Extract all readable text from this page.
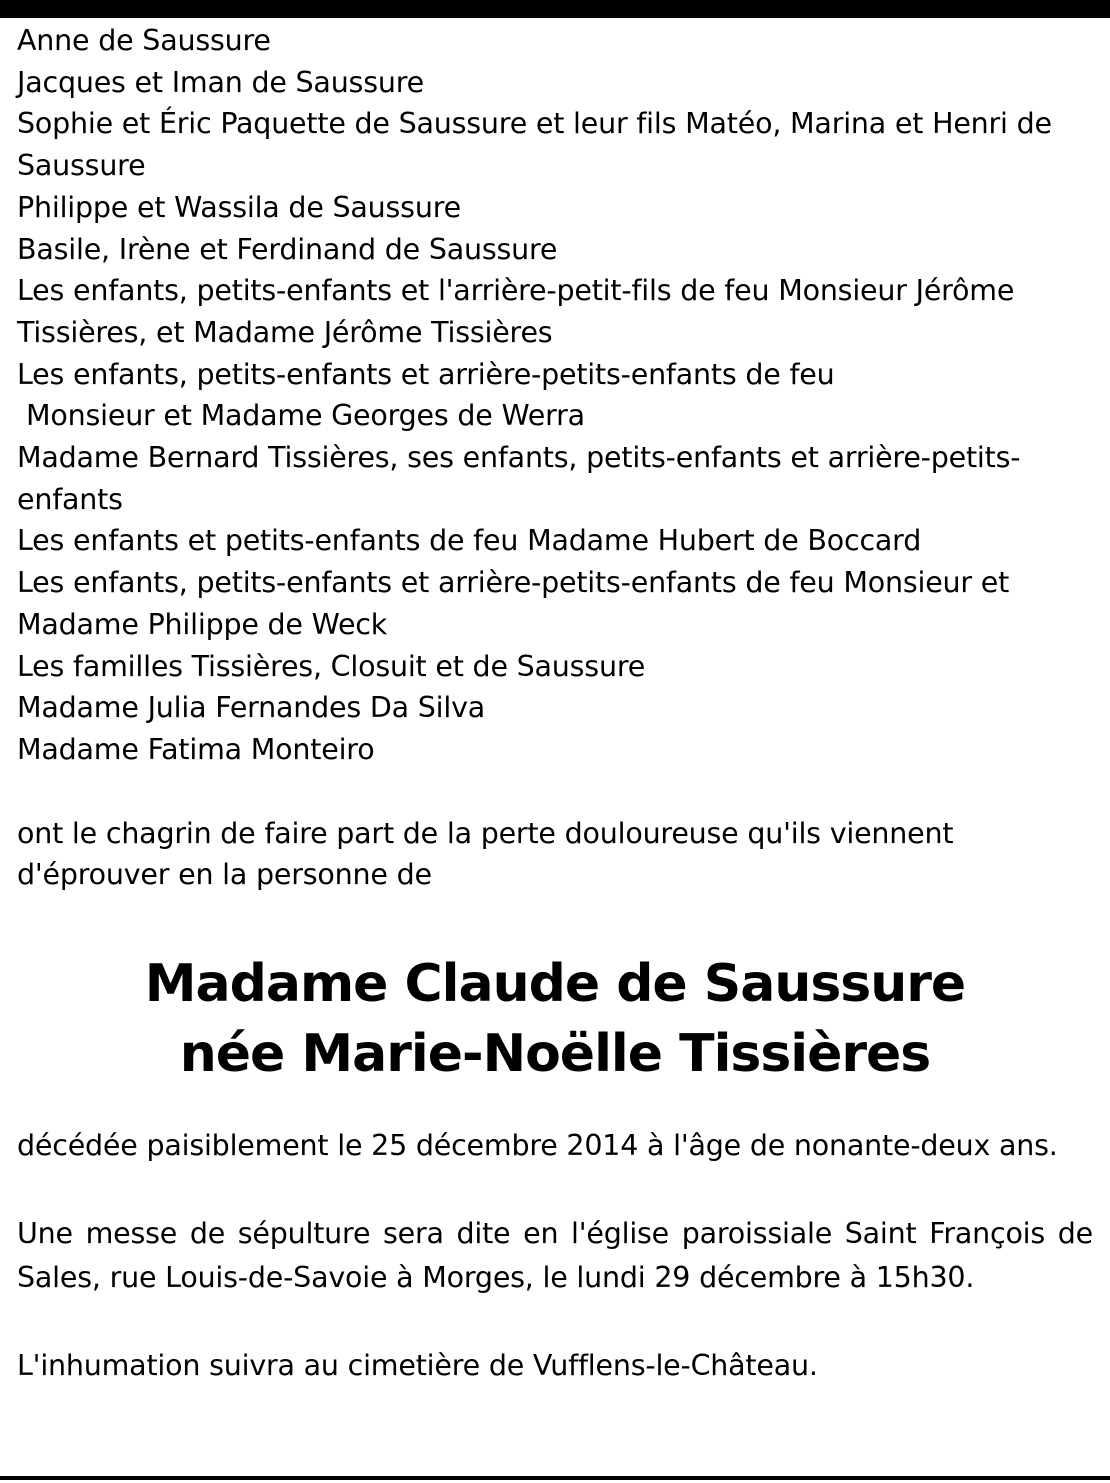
Anne de Saussure
Jacques et Iman de Saussure
Sophie et Éric Paquette de Saussure et leur fils Matéo, Marina et Henri de Saussure
Philippe et Wassila de Saussure
Basile, Irène et Ferdinand de Saussure
Les enfants, petits-enfants et l'arrière-petit-fils de feu Monsieur Jérôme Tissières, et Madame Jérôme Tissières
Les enfants, petits-enfants et arrière-petits-enfants de feu
Monsieur et Madame Georges de Werra
Madame Bernard Tissières, ses enfants, petits-enfants et arrière-petits-enfants
Les enfants et petits-enfants de feu Madame Hubert de Boccard
Les enfants, petits-enfants et arrière-petits-enfants de feu Monsieur et Madame Philippe de Weck
Les familles Tissières, Closuit et de Saussure
Madame Julia Fernandes Da Silva
Madame Fatima Monteiro
ont le chagrin de faire part de la perte douloureuse qu'ils viennent d'éprouver en la personne de
Madame Claude de Saussure
née Marie-Noëlle Tissières
décédée paisiblement le 25 décembre 2014 à l'âge de nonante-deux ans.
Une messe de sépulture sera dite en l'église paroissiale Saint François de Sales, rue Louis-de-Savoie à Morges, le lundi 29 décembre à 15h30.
L'inhumation suivra au cimetière de Vufflens-le-Château.
